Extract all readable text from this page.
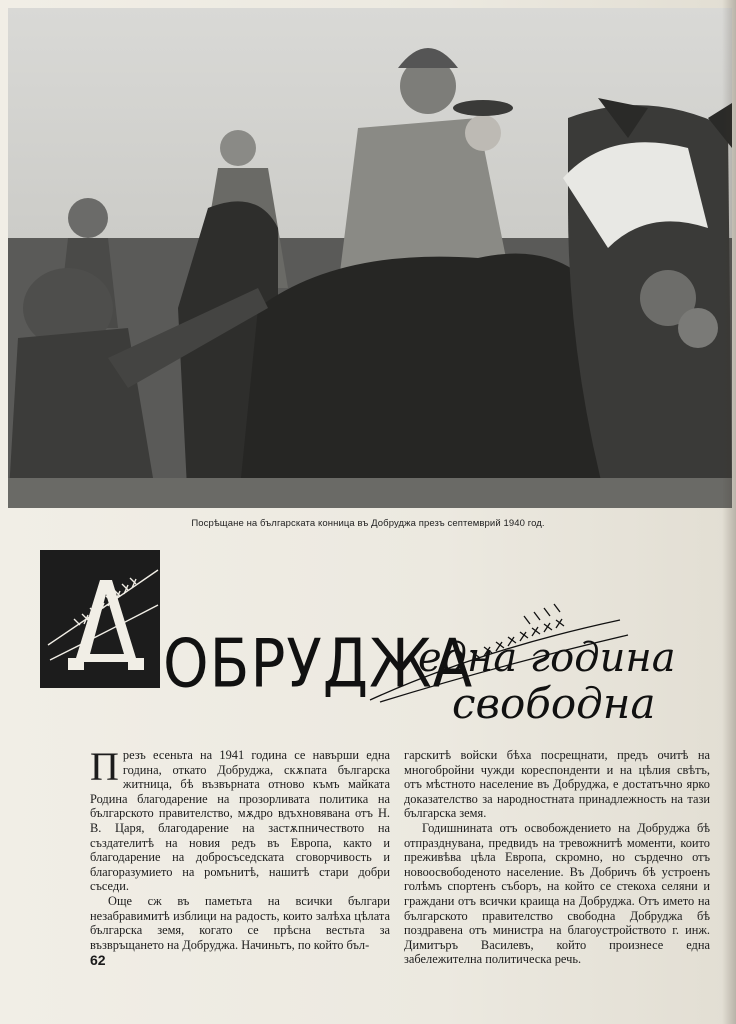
Посрѣщане на българската конница въ Добруджа презъ септемврий 1940 год.
ОБРУДЖА
една година
свободна

Презъ есеньта на 1941 година се навърши една година, откато Добруджа, скѫпата българска житница, бѣ възвърната отново къмъ майката Родина благодарение на прозорливата политика на българското правителство, мѫдро вдъхновявана отъ Н. В. Царя, благодарение на застѫпничеството на създателитѣ на новия редъ въ Европа, както и благодарение на добросъседската сговорчивость и благоразумието на ромънитѣ, нашитѣ стари добри съседи.

Още сж въ паметьта на всички българи незабравимитѣ изблици на радость, които залѣха цѣлата българска земя, когато се прѣсна вестьта за възвръщането на Добруджа. Начиньтъ, по който бъл-

гарскитѣ войски бѣха посрещнати, предъ очитѣ на многобройни чужди кореспонденти и на цѣлия свѣтъ, отъ мѣстното население въ Добруджа, е достатъчно ярко доказателство за народностната принадлежность на тази българска земя.

Годишнината отъ освобождението на Добруджа бѣ отпразднувана, предвидъ на тревожнитѣ моменти, които преживѣва цѣла Европа, скромно, но сърдечно отъ новоосвободеното население. Въ Добричъ бѣ устроенъ голѣмъ спортенъ съборъ, на който се стекоха селяни и граждани отъ всички краища на Добруджа. Отъ името на българското правителство свободна Добруджа бѣ поздравена отъ министра на благоустройството г. инж. Димитъръ Василевъ, който произнесе една забележителна политическа речь.

62
